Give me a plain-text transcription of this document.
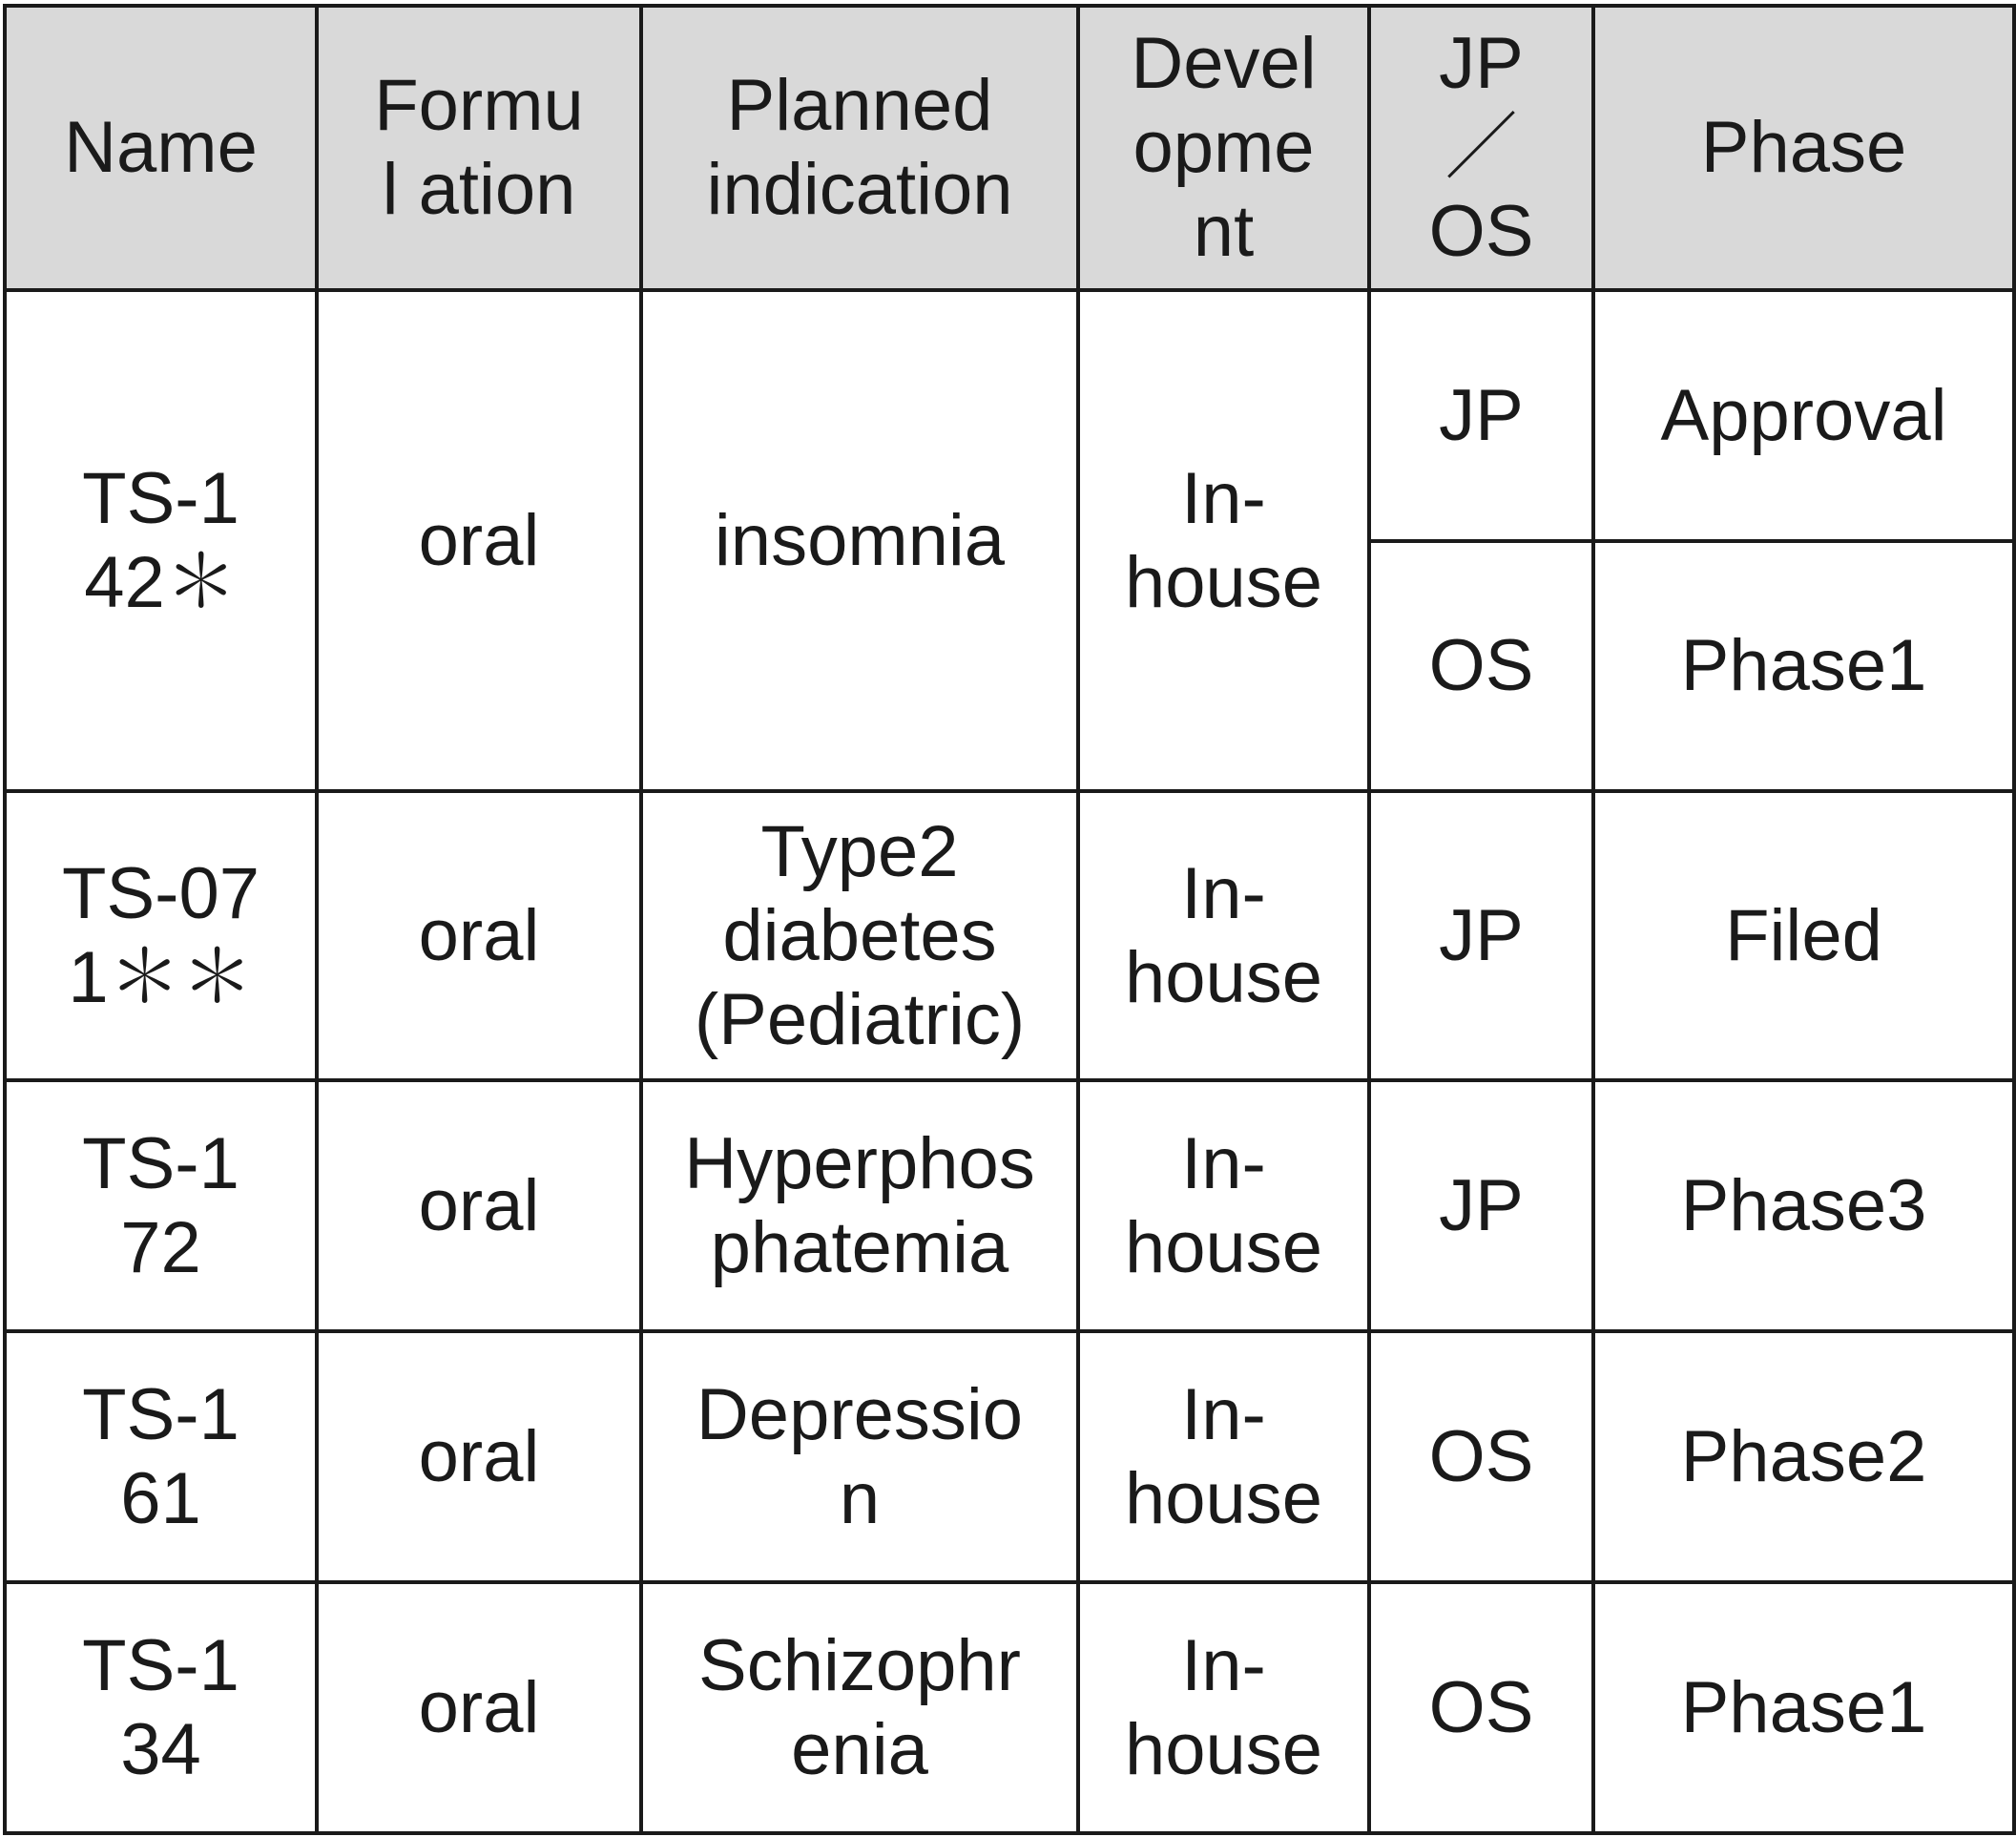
Name	Formul ation	Planned indication	Devel opme nt	JP ／ OS	Phase

TS-142＊	oral	insomnia	In-house	JP	Approval

				OS	Phase1

TS-071＊＊	oral	Type2 diabetes (Pediatric)	In-house	JP	Filed

TS-172	oral	Hyperphosphatemia	In-house	JP	Phase3

TS-161	oral	Depression	In-house	OS	Phase2

TS-134	oral	Schizophrenia	In-house	OS	Phase1
